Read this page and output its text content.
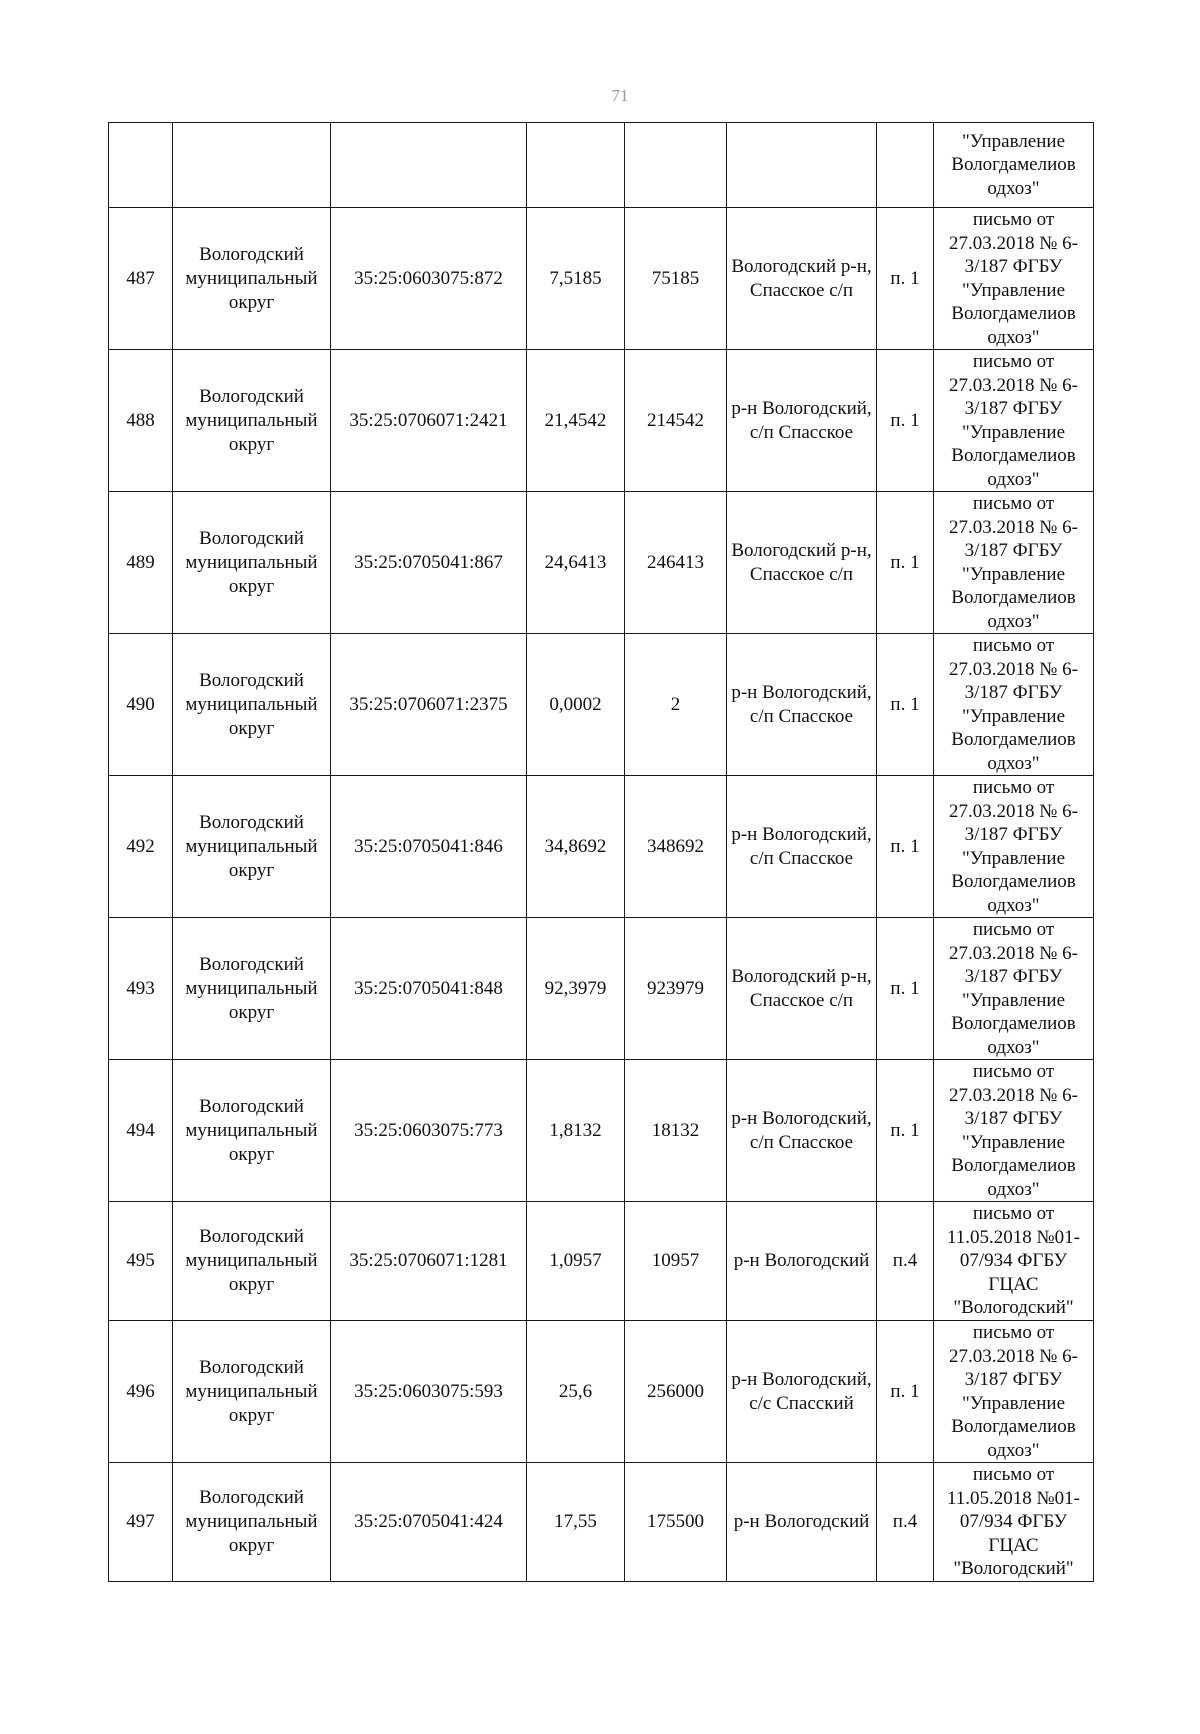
71
							"Управление Вологдамелиов одхоз"
487	Вологодский муниципальный округ	35:25:0603075:872	7,5185	75185	Вологодский р-н, Спасское с/п	п. 1	письмо от 27.03.2018 № 6-3/187 ФГБУ "Управление Вологдамелиов одхоз"
488	Вологодский муниципальный округ	35:25:0706071:2421	21,4542	214542	р-н Вологодский, с/п Спасское	п. 1	письмо от 27.03.2018 № 6-3/187 ФГБУ "Управление Вологдамелиов одхоз"
489	Вологодский муниципальный округ	35:25:0705041:867	24,6413	246413	Вологодский р-н, Спасское с/п	п. 1	письмо от 27.03.2018 № 6-3/187 ФГБУ "Управление Вологдамелиов одхоз"
490	Вологодский муниципальный округ	35:25:0706071:2375	0,0002	2	р-н Вологодский, с/п Спасское	п. 1	письмо от 27.03.2018 № 6-3/187 ФГБУ "Управление Вологдамелиов одхоз"
492	Вологодский муниципальный округ	35:25:0705041:846	34,8692	348692	р-н Вологодский, с/п Спасское	п. 1	письмо от 27.03.2018 № 6-3/187 ФГБУ "Управление Вологдамелиов одхоз"
493	Вологодский муниципальный округ	35:25:0705041:848	92,3979	923979	Вологодский р-н, Спасское с/п	п. 1	письмо от 27.03.2018 № 6-3/187 ФГБУ "Управление Вологдамелиов одхоз"
494	Вологодский муниципальный округ	35:25:0603075:773	1,8132	18132	р-н Вологодский, с/п Спасское	п. 1	письмо от 27.03.2018 № 6-3/187 ФГБУ "Управление Вологдамелиов одхоз"
495	Вологодский муниципальный округ	35:25:0706071:1281	1,0957	10957	р-н Вологодский	п.4	письмо от 11.05.2018 №01-07/934 ФГБУ ГЦАС "Вологодский"
496	Вологодский муниципальный округ	35:25:0603075:593	25,6	256000	р-н Вологодский, с/с Спасский	п. 1	письмо от 27.03.2018 № 6-3/187 ФГБУ "Управление Вологдамелиов одхоз"
497	Вологодский муниципальный округ	35:25:0705041:424	17,55	175500	р-н Вологодский	п.4	письмо от 11.05.2018 №01-07/934 ФГБУ ГЦАС "Вологодский"
